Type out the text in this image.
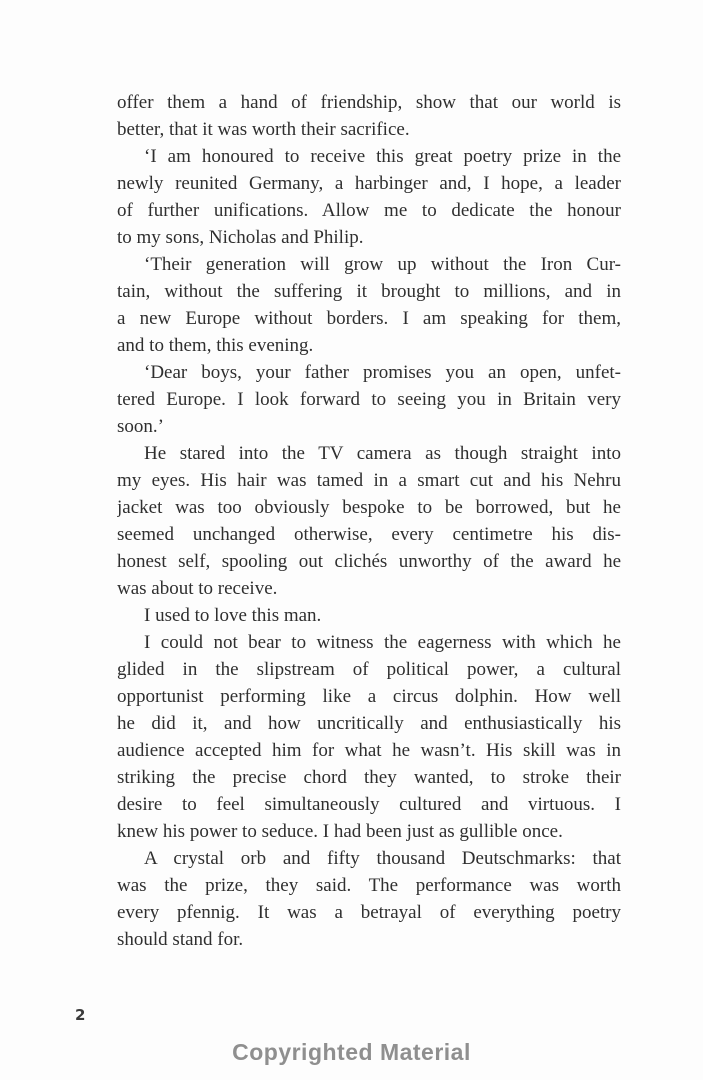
offer them a hand of friendship, show that our world is
better, that it was worth their sacrifice.
‘I am honoured to receive this great poetry prize in the
newly reunited Germany, a harbinger and, I hope, a leader
of further unifications. Allow me to dedicate the honour
to my sons, Nicholas and Philip.
‘Their generation will grow up without the Iron Cur-
tain, without the suffering it brought to millions, and in
a new Europe without borders. I am speaking for them,
and to them, this evening.
‘Dear boys, your father promises you an open, unfet-
tered Europe. I look forward to seeing you in Britain very
soon.’
He stared into the TV camera as though straight into
my eyes. His hair was tamed in a smart cut and his Nehru
jacket was too obviously bespoke to be borrowed, but he
seemed unchanged otherwise, every centimetre his dis-
honest self, spooling out clichés unworthy of the award he
was about to receive.
I used to love this man.
I could not bear to witness the eagerness with which he
glided in the slipstream of political power, a cultural
opportunist performing like a circus dolphin. How well
he did it, and how uncritically and enthusiastically his
audience accepted him for what he wasn’t. His skill was in
striking the precise chord they wanted, to stroke their
desire to feel simultaneously cultured and virtuous. I
knew his power to seduce. I had been just as gullible once.
A crystal orb and fifty thousand Deutschmarks: that
was the prize, they said. The performance was worth
every pfennig. It was a betrayal of everything poetry
should stand for.
2
Copyrighted Material
